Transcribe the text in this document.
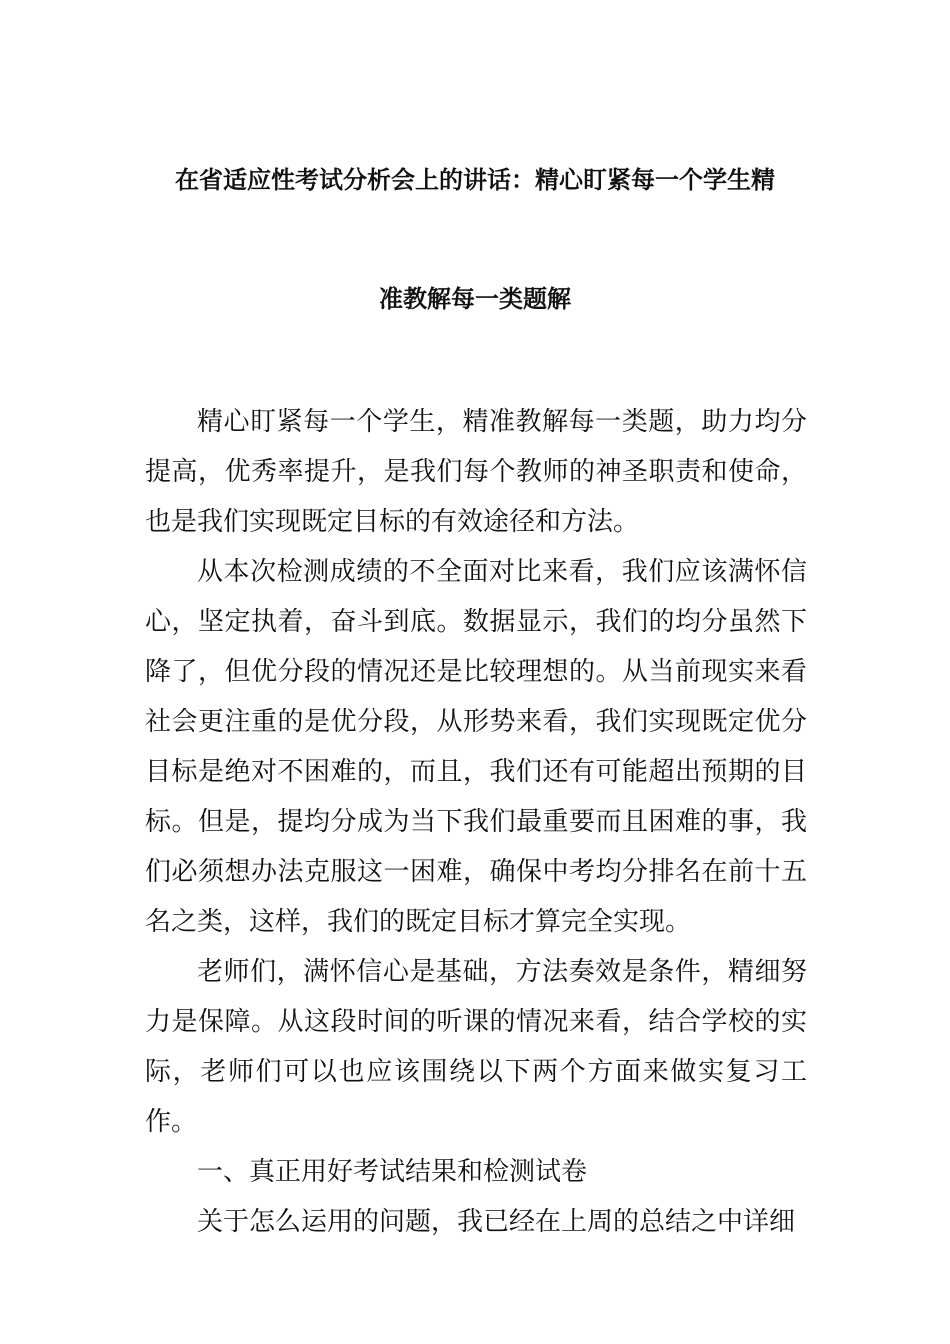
在省适应性考试分析会上的讲话：精心盯紧每一个学生精
准教解每一类题解

精心盯紧每一个学生，精准教解每一类题，助力均分提高，优秀率提升，是我们每个教师的神圣职责和使命，也是我们实现既定目标的有效途径和方法。

从本次检测成绩的不全面对比来看，我们应该满怀信心，坚定执着，奋斗到底。数据显示，我们的均分虽然下降了，但优分段的情况还是比较理想的。从当前现实来看社会更注重的是优分段，从形势来看，我们实现既定优分目标是绝对不困难的，而且，我们还有可能超出预期的目标。但是，提均分成为当下我们最重要而且困难的事，我们必须想办法克服这一困难，确保中考均分排名在前十五名之类，这样，我们的既定目标才算完全实现。

老师们，满怀信心是基础，方法奏效是条件，精细努力是保障。从这段时间的听课的情况来看，结合学校的实际，老师们可以也应该围绕以下两个方面来做实复习工作。

一、真正用好考试结果和检测试卷

关于怎么运用的问题，我已经在上周的总结之中详细
